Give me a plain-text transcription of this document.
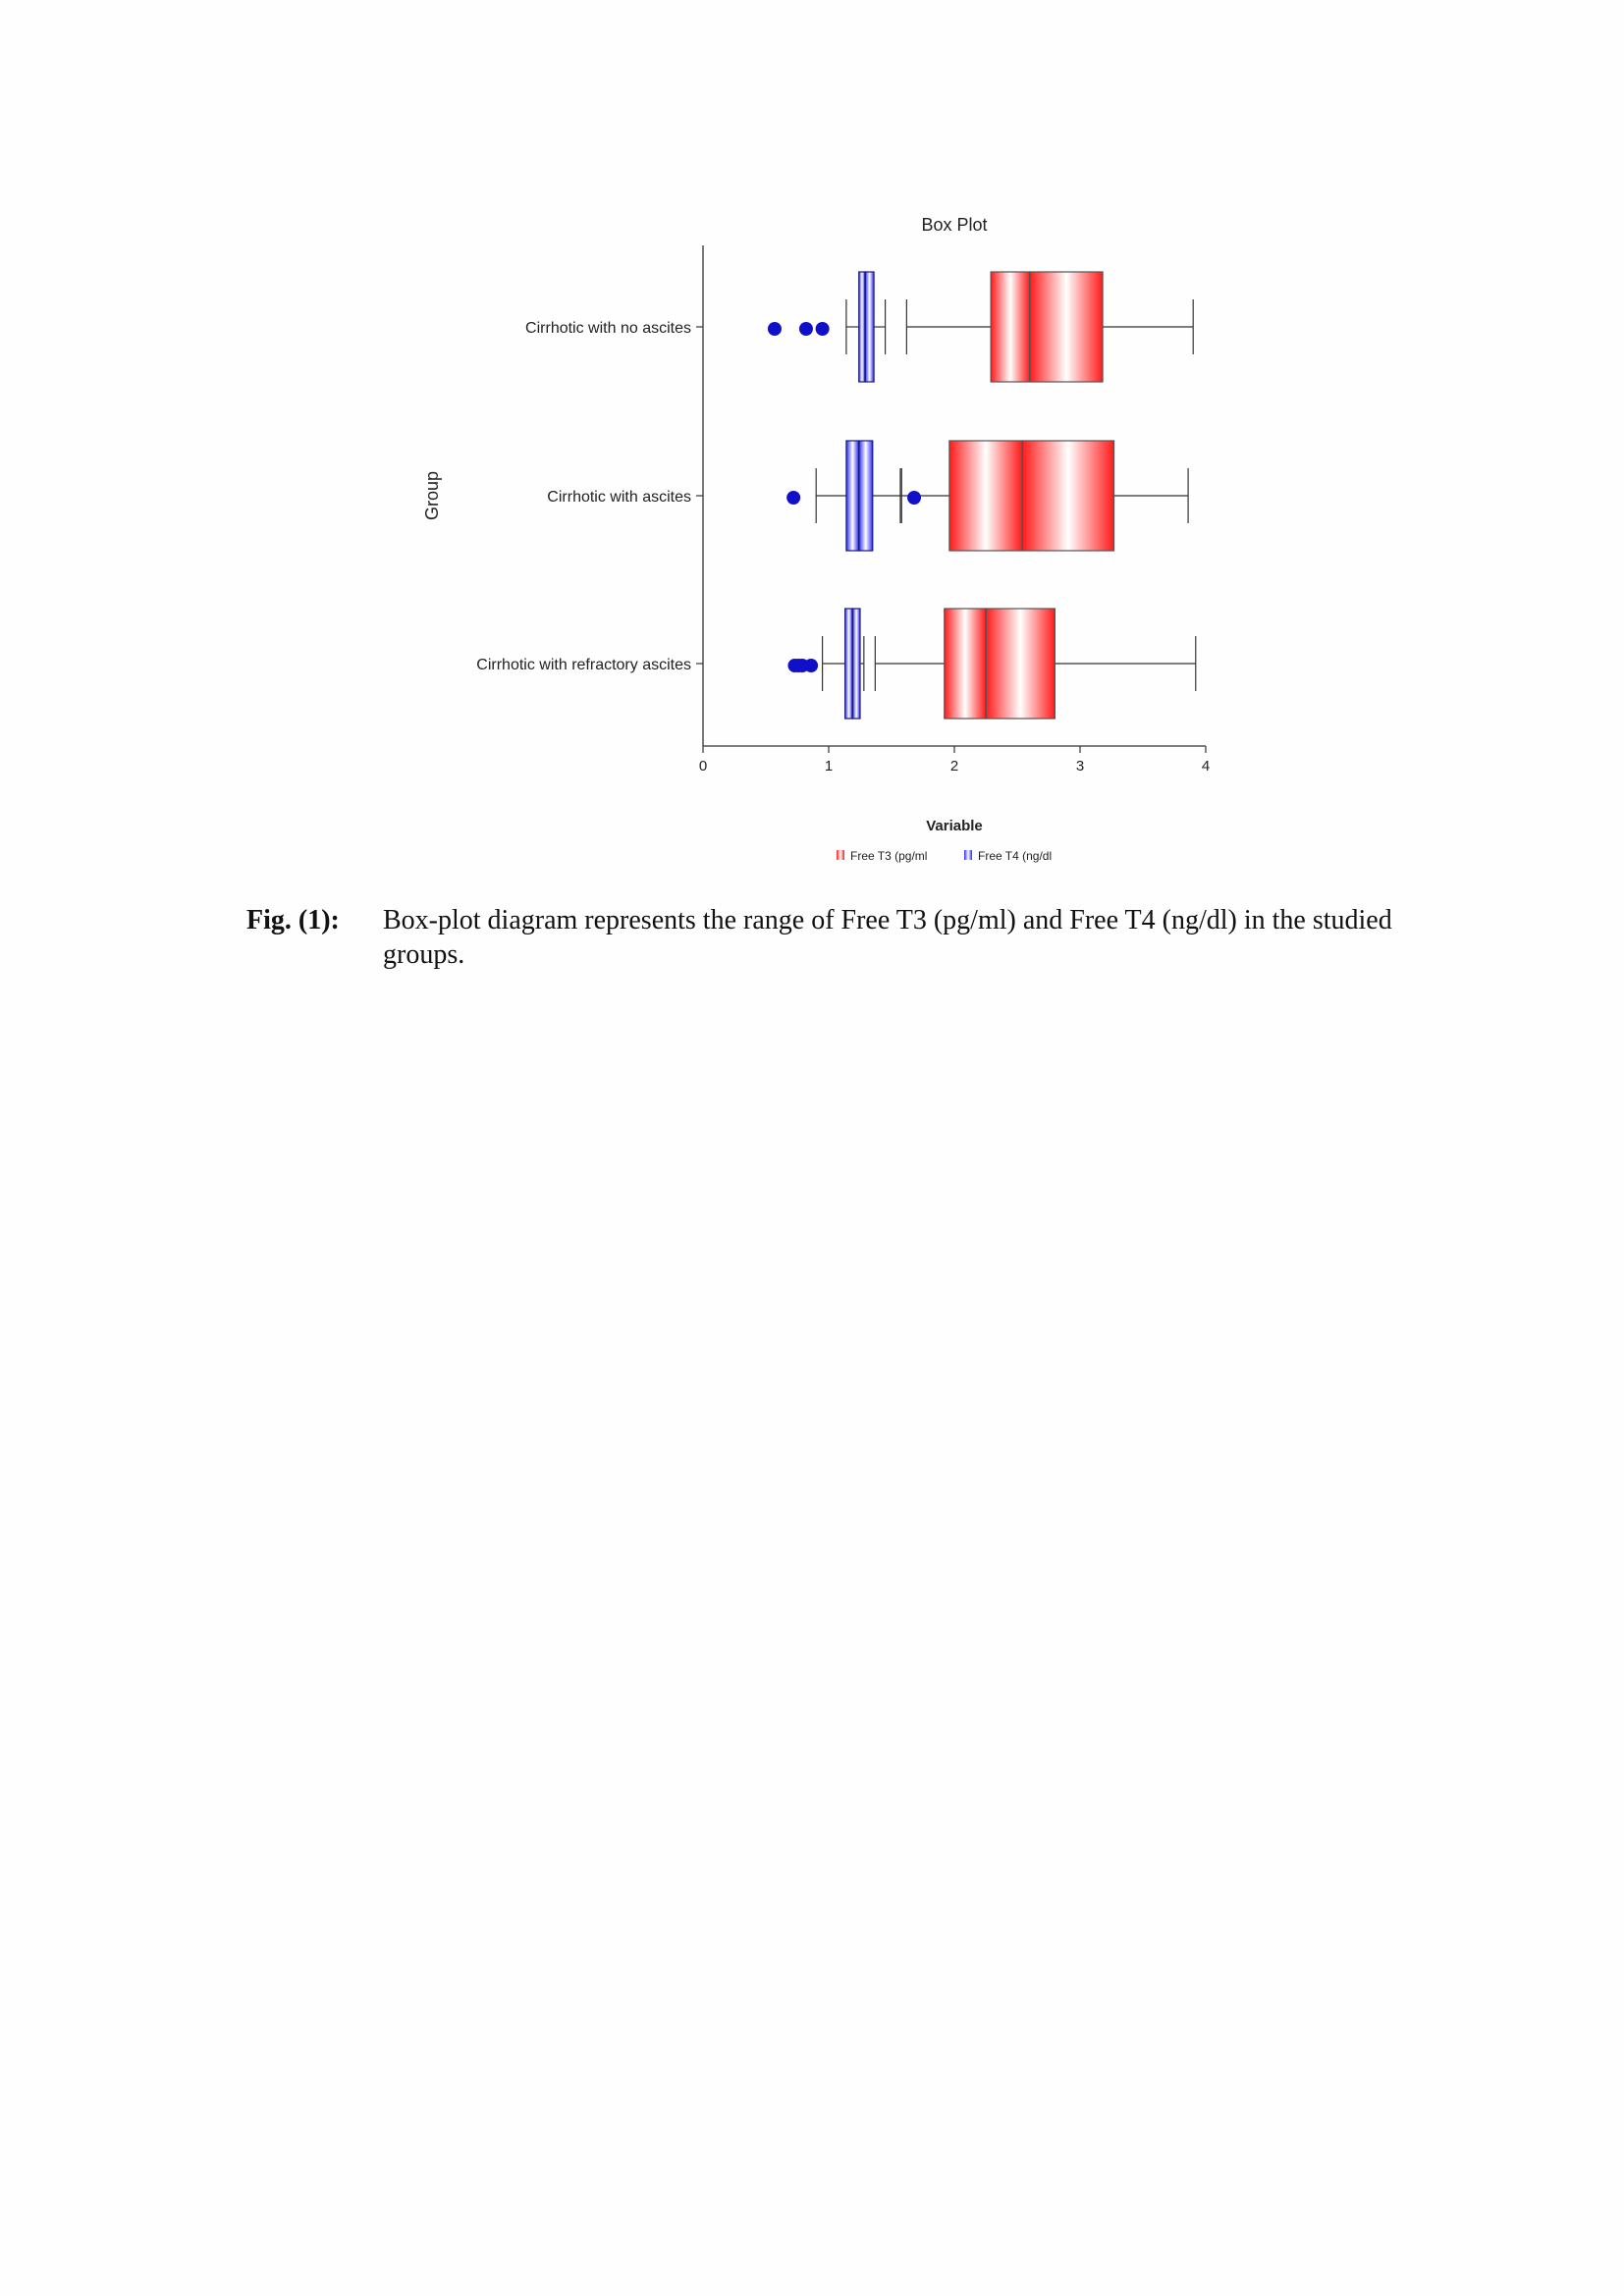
Box Plot
Group
Cirrhotic with no ascites
Cirrhotic with ascites
Cirrhotic with refractory ascites
0	1	2	3	4
Variable
Free T3 (pg/ml	Free T4 (ng/dl
Fig. (1): Box-plot diagram represents the range of Free T3 (pg/ml) and Free T4 (ng/dl) in the studied groups.
